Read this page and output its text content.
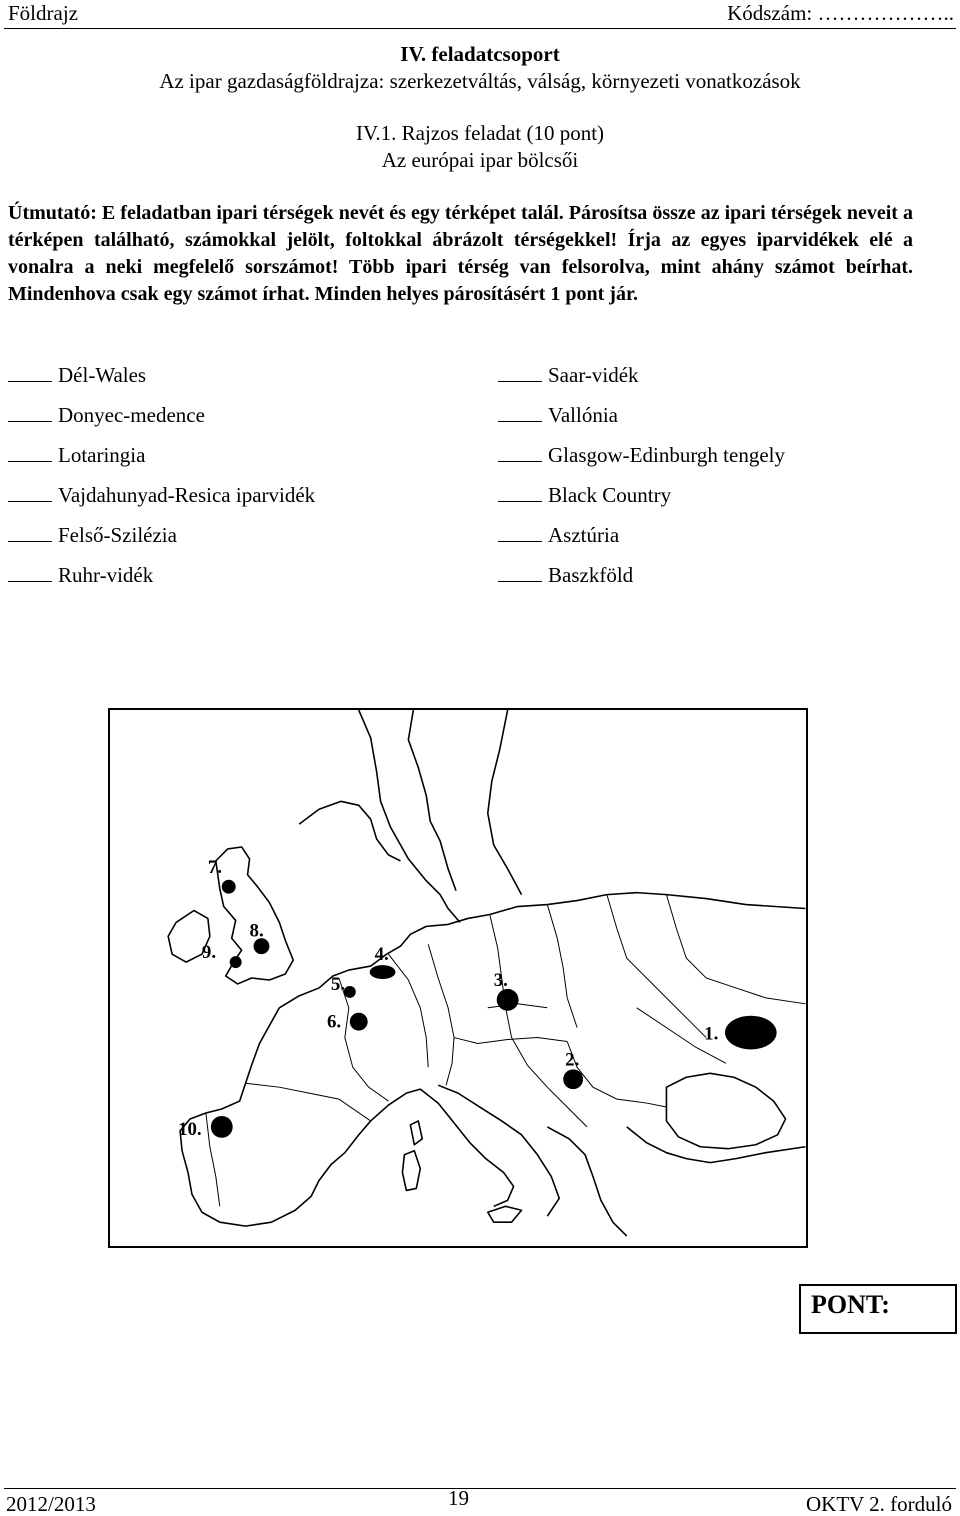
Földrajz	Kódszám: ………………..
IV. feladatcsoport
Az ipar gazdaságföldrajza: szerkezetváltás, válság, környezeti vonatkozások
IV.1. Rajzos feladat (10 pont)
Az európai ipar bölcsői
Útmutató: E feladatban ipari térségek nevét és egy térképet talál. Párosítsa össze az ipari térségek neveit a térképen található, számokkal jelölt, foltokkal ábrázolt térségekkel! Írja az egyes iparvidékek elé a vonalra a neki megfelelő sorszámot! Több ipari térség van felsorolva, mint ahány számot beírhat. Mindenhova csak egy számot írhat. Minden helyes párosításért 1 pont jár.
Dél-Wales
Donyec-medence
Lotaringia
Vajdahunyad-Resica iparvidék
Felső-Szilézia
Ruhr-vidék
Saar-vidék
Vallónia
Glasgow-Edinburgh tengely
Black Country
Asztúria
Baszkföld
1.
2.
3.
4.
5.
6.
7.
8.
9.
10.
PONT:
2012/2013	19	OKTV 2. forduló
